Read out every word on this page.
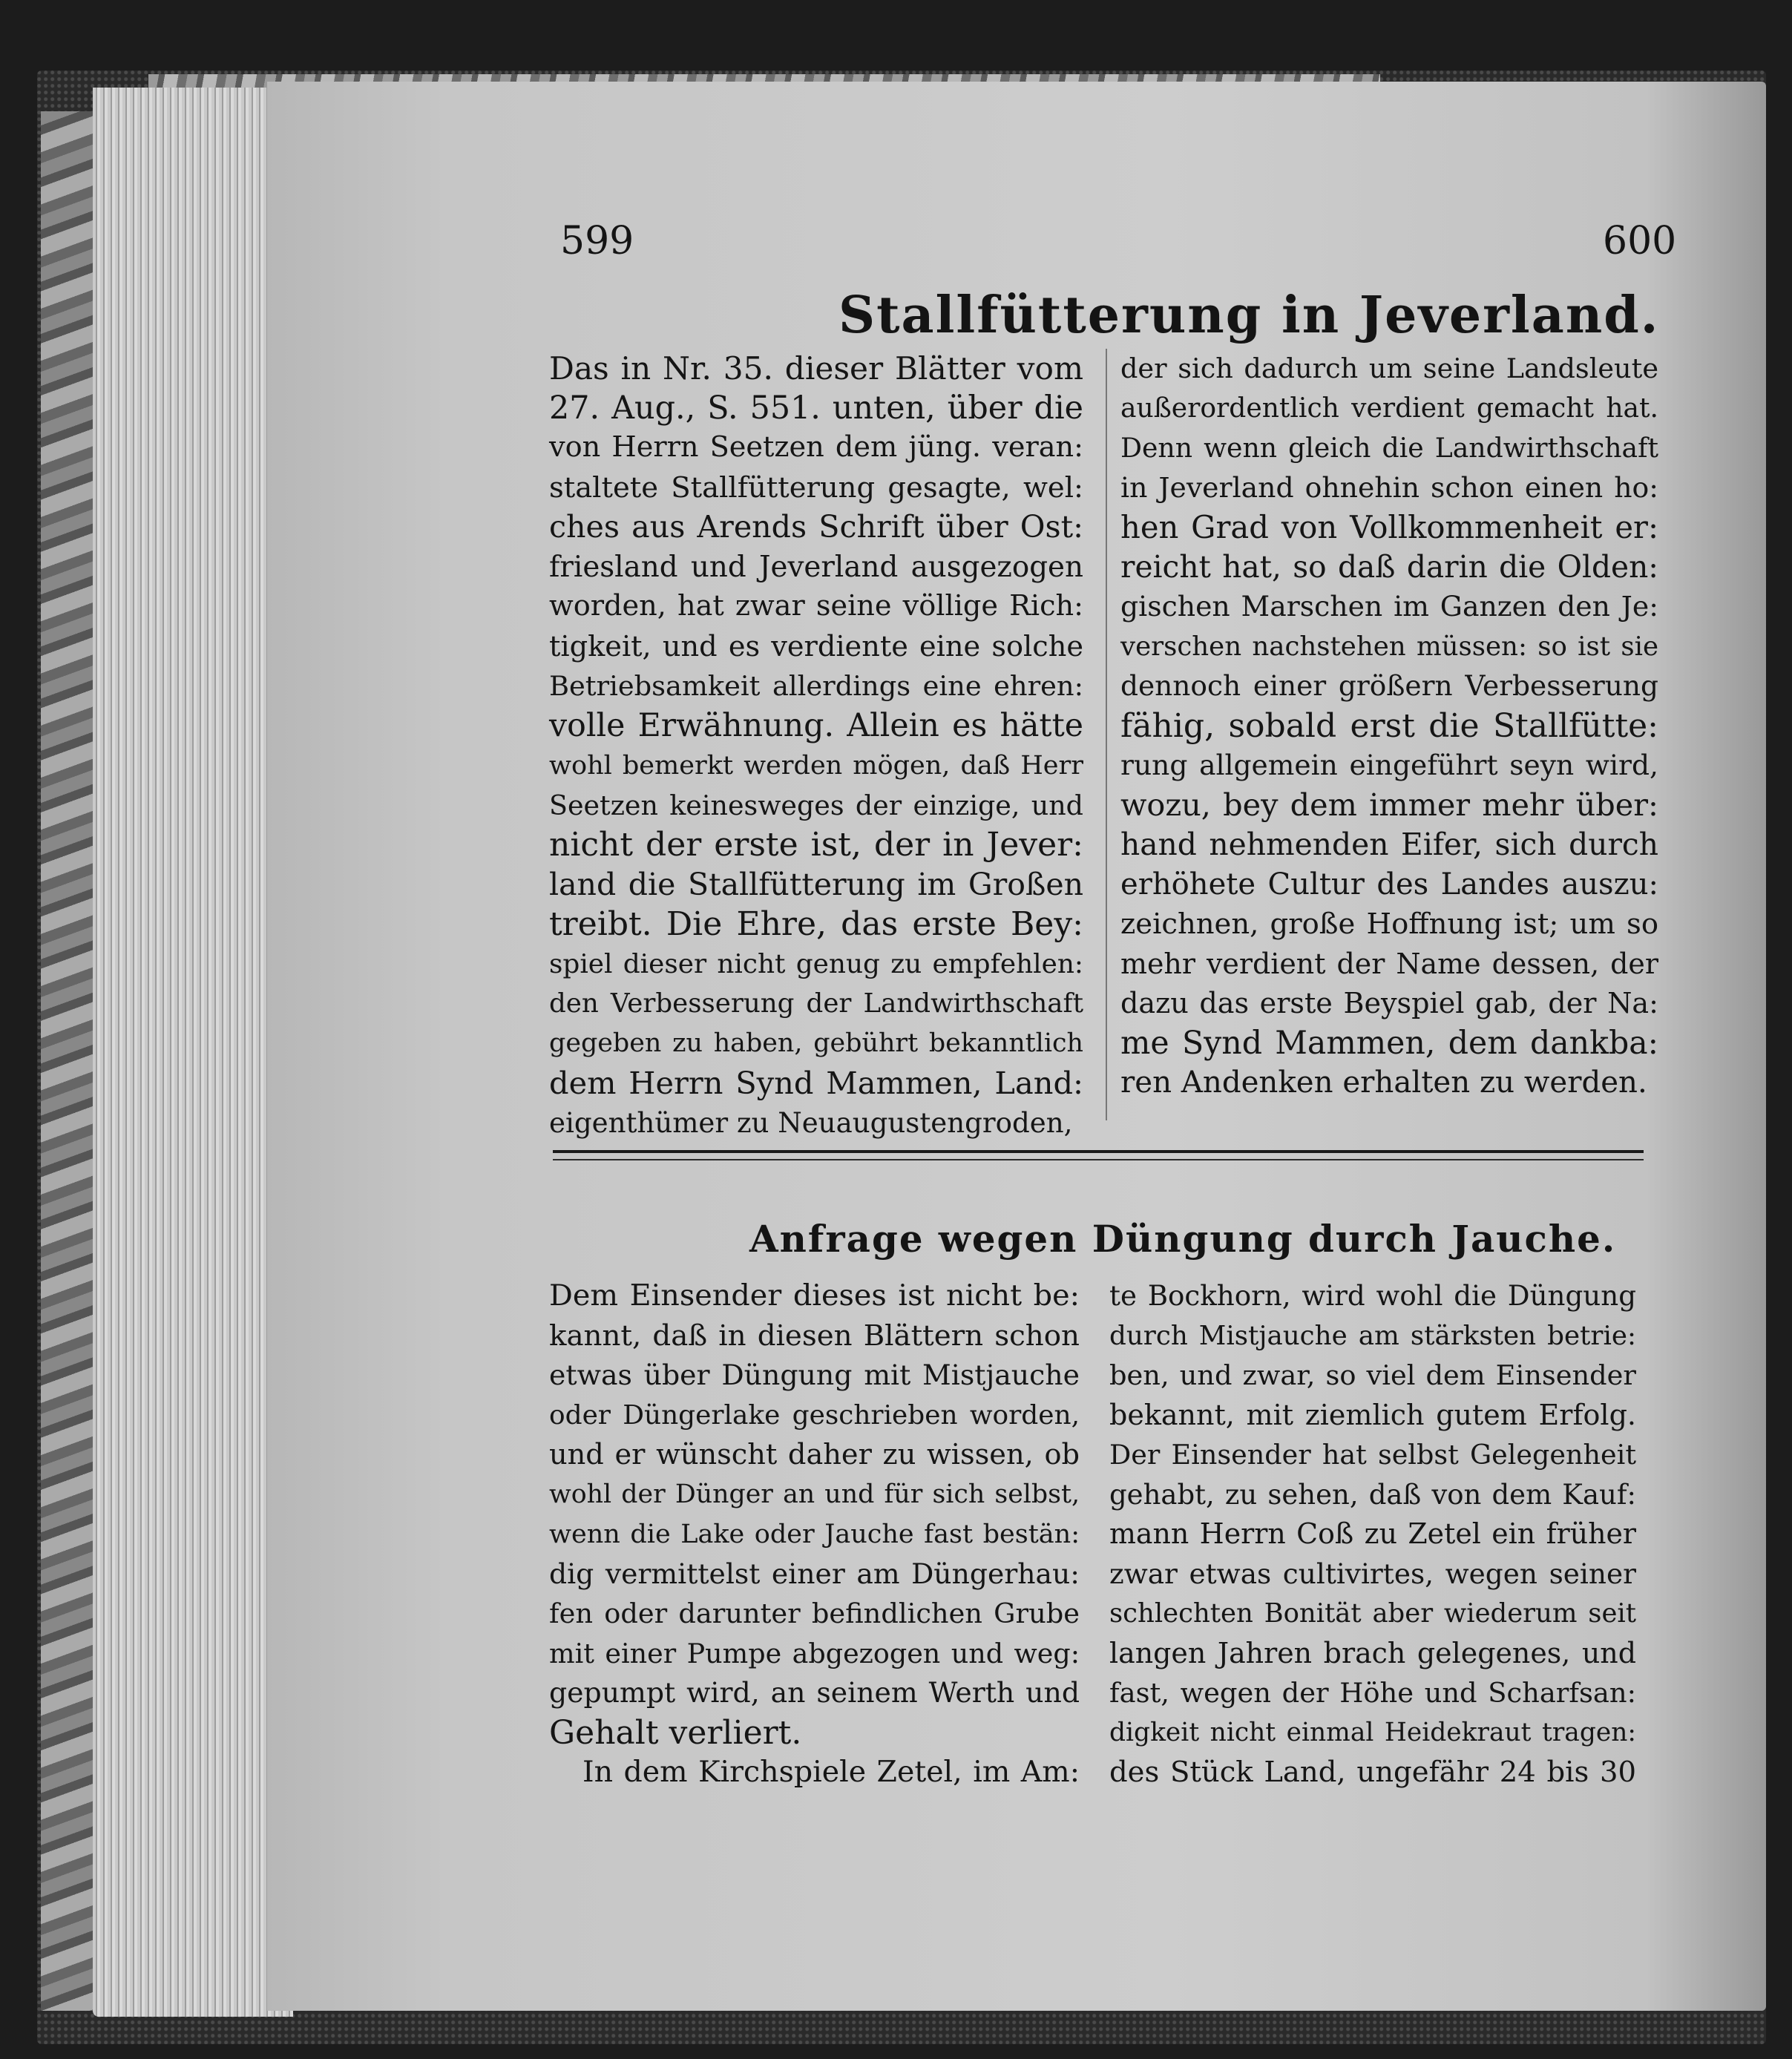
599	600
Stallfütterung in Jeverland.
Das in Nr. 35. dieser Blätter vom
27. Aug., S. 551. unten, über die
von Herrn Seetzen dem jüng. veran:
staltete Stallfütterung gesagte, wel:
ches aus Arends Schrift über Ost:
friesland und Jeverland ausgezogen
worden, hat zwar seine völlige Rich:
tigkeit, und es verdiente eine solche
Betriebsamkeit allerdings eine ehren:
volle Erwähnung. Allein es hätte
wohl bemerkt werden mögen, daß Herr
Seetzen keinesweges der einzige, und
nicht der erste ist, der in Jever:
land die Stallfütterung im Großen
treibt. Die Ehre, das erste Bey:
spiel dieser nicht genug zu empfehlen:
den Verbesserung der Landwirthschaft
gegeben zu haben, gebührt bekanntlich
dem Herrn Synd Mammen, Land:
eigenthümer zu Neuaugustengroden,
der sich dadurch um seine Landsleute
außerordentlich verdient gemacht hat.
Denn wenn gleich die Landwirthschaft
in Jeverland ohnehin schon einen ho:
hen Grad von Vollkommenheit er:
reicht hat, so daß darin die Olden:
gischen Marschen im Ganzen den Je:
verschen nachstehen müssen: so ist sie
dennoch einer größern Verbesserung
fähig, sobald erst die Stallfütte:
rung allgemein eingeführt seyn wird,
wozu, bey dem immer mehr über:
hand nehmenden Eifer, sich durch
erhöhete Cultur des Landes auszu:
zeichnen, große Hoffnung ist; um so
mehr verdient der Name dessen, der
dazu das erste Beyspiel gab, der Na:
me Synd Mammen, dem dankba:
ren Andenken erhalten zu werden.
Anfrage wegen Düngung durch Jauche.
Dem Einsender dieses ist nicht be:
kannt, daß in diesen Blättern schon
etwas über Düngung mit Mistjauche
oder Düngerlake geschrieben worden,
und er wünscht daher zu wissen, ob
wohl der Dünger an und für sich selbst,
wenn die Lake oder Jauche fast bestän:
dig vermittelst einer am Düngerhau:
fen oder darunter befindlichen Grube
mit einer Pumpe abgezogen und weg:
gepumpt wird, an seinem Werth und
Gehalt verliert.
In dem Kirchspiele Zetel, im Am:
te Bockhorn, wird wohl die Düngung
durch Mistjauche am stärksten betrie:
ben, und zwar, so viel dem Einsender
bekannt, mit ziemlich gutem Erfolg.
Der Einsender hat selbst Gelegenheit
gehabt, zu sehen, daß von dem Kauf:
mann Herrn Coß zu Zetel ein früher
zwar etwas cultivirtes, wegen seiner
schlechten Bonität aber wiederum seit
langen Jahren brach gelegenes, und
fast, wegen der Höhe und Scharfsan:
digkeit nicht einmal Heidekraut tragen:
des Stück Land, ungefähr 24 bis 30
